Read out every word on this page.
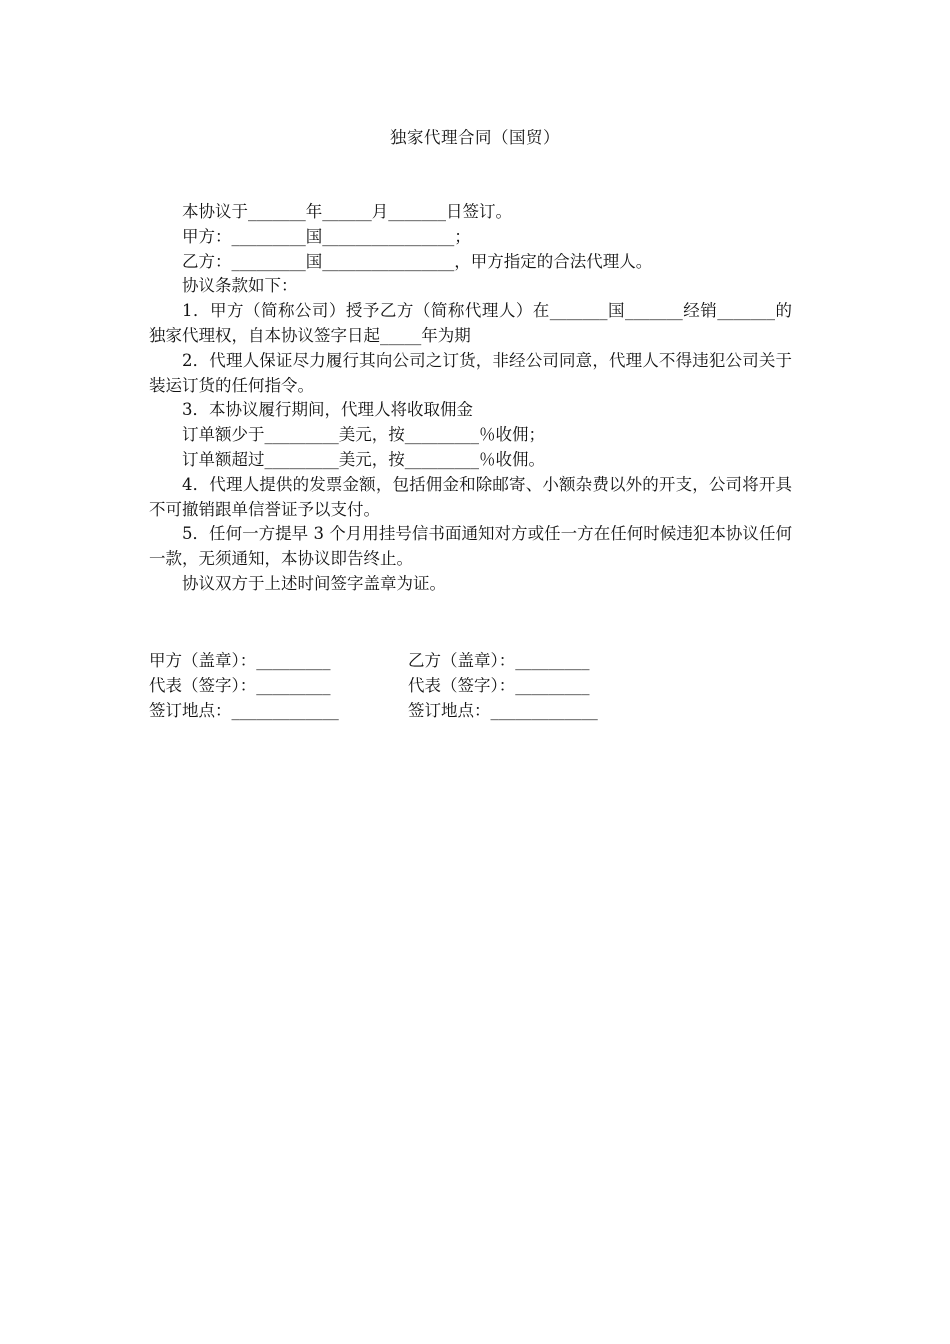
独家代理合同（国贸）

本协议于_______年______月_______日签订。

甲方：_________国________________；

乙方：_________国________________，甲方指定的合法代理人。

协议条款如下：

1．甲方（简称公司）授予乙方（简称代理人）在_______国_______经销_______的独家代理权，自本协议签字日起_____年为期

2．代理人保证尽力履行其向公司之订货，非经公司同意，代理人不得违犯公司关于装运订货的任何指令。

3．本协议履行期间，代理人将收取佣金

订单额少于_________美元，按_________％收佣；

订单额超过_________美元，按_________％收佣。

4．代理人提供的发票金额，包括佣金和除邮寄、小额杂费以外的开支，公司将开具不可撤销跟单信誉证予以支付。

5．任何一方提早 3 个月用挂号信书面通知对方或任一方在任何时候违犯本协议任何一款，无须通知，本协议即告终止。

协议双方于上述时间签字盖章为证。

甲方（盖章）：_________
代表（签字）：_________
签订地点：_____________
乙方（盖章）：_________
代表（签字）：_________
签订地点：_____________
